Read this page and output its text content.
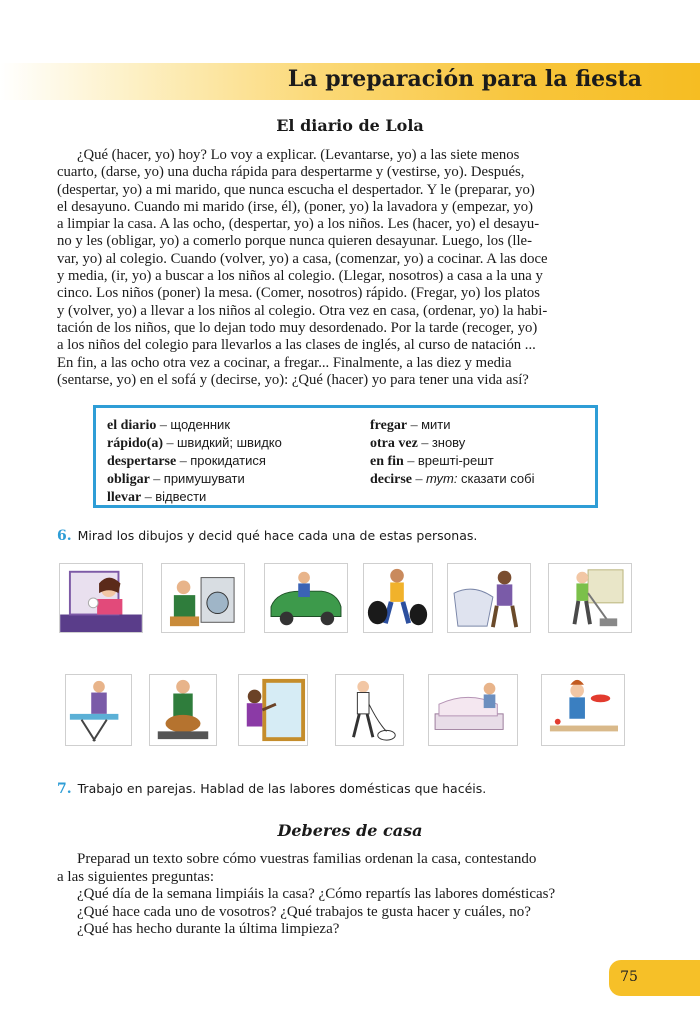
La preparación para la fiesta
El diario de Lola
¿Qué (hacer, yo) hoy? Lo voy a explicar. (Levantarse, yo) a las siete menos
cuarto, (darse, yo) una ducha rápida para despertarme y (vestirse, yo). Después,
(despertar, yo) a mi marido, que nunca escucha el despertador. Y le (preparar, yo)
el desayuno. Cuando mi marido (irse, él), (poner, yo) la lavadora y (empezar, yo)
a limpiar la casa. A las ocho, (despertar, yo) a los niños. Les (hacer, yo) el desayu-
no y les (obligar, yo) a comerlo porque nunca quieren desayunar. Luego, los (lle-
var, yo) al colegio. Cuando (volver, yo) a casa, (comenzar, yo) a cocinar. A las doce
y media, (ir, yo) a buscar a los niños al colegio. (Llegar, nosotros) a casa a la una y
cinco. Los niños (poner) la mesa. (Comer, nosotros) rápido. (Fregar, yo) los platos
y (volver, yo) a llevar a los niños al colegio. Otra vez en casa, (ordenar, yo) la habi-
tación de los niños, que lo dejan todo muy desordenado. Por la tarde (recoger, yo)
a los niños del colegio para llevarlos a las clases de inglés, al curso de natación ...
En fin, a las ocho otra vez a cocinar, a fregar... Finalmente, a las diez y media
(sentarse, yo) en el sofá y (decirse, yo): ¿Qué (hacer) yo para tener una vida así?
el diario – щоденник
rápido(a) – швидкий; швидко
despertarse – прокидатися
obligar – примушувати
llevar – відвести
fregar – мити
otra vez – знову
en fin – врешті-решт
decirse – тут: сказати собі
6. Mirad los dibujos y decid qué hace cada una de estas personas.
7. Trabajo en parejas. Hablad de las labores domésticas que hacéis.
Deberes de casa
Preparad un texto sobre cómo vuestras familias ordenan la casa, contestando
a las siguientes preguntas:
¿Qué día de la semana limpiáis la casa? ¿Cómo repartís las labores domésticas?
¿Qué hace cada uno de vosotros? ¿Qué trabajos te gusta hacer y cuáles, no?
¿Qué has hecho durante la última limpieza?
75
